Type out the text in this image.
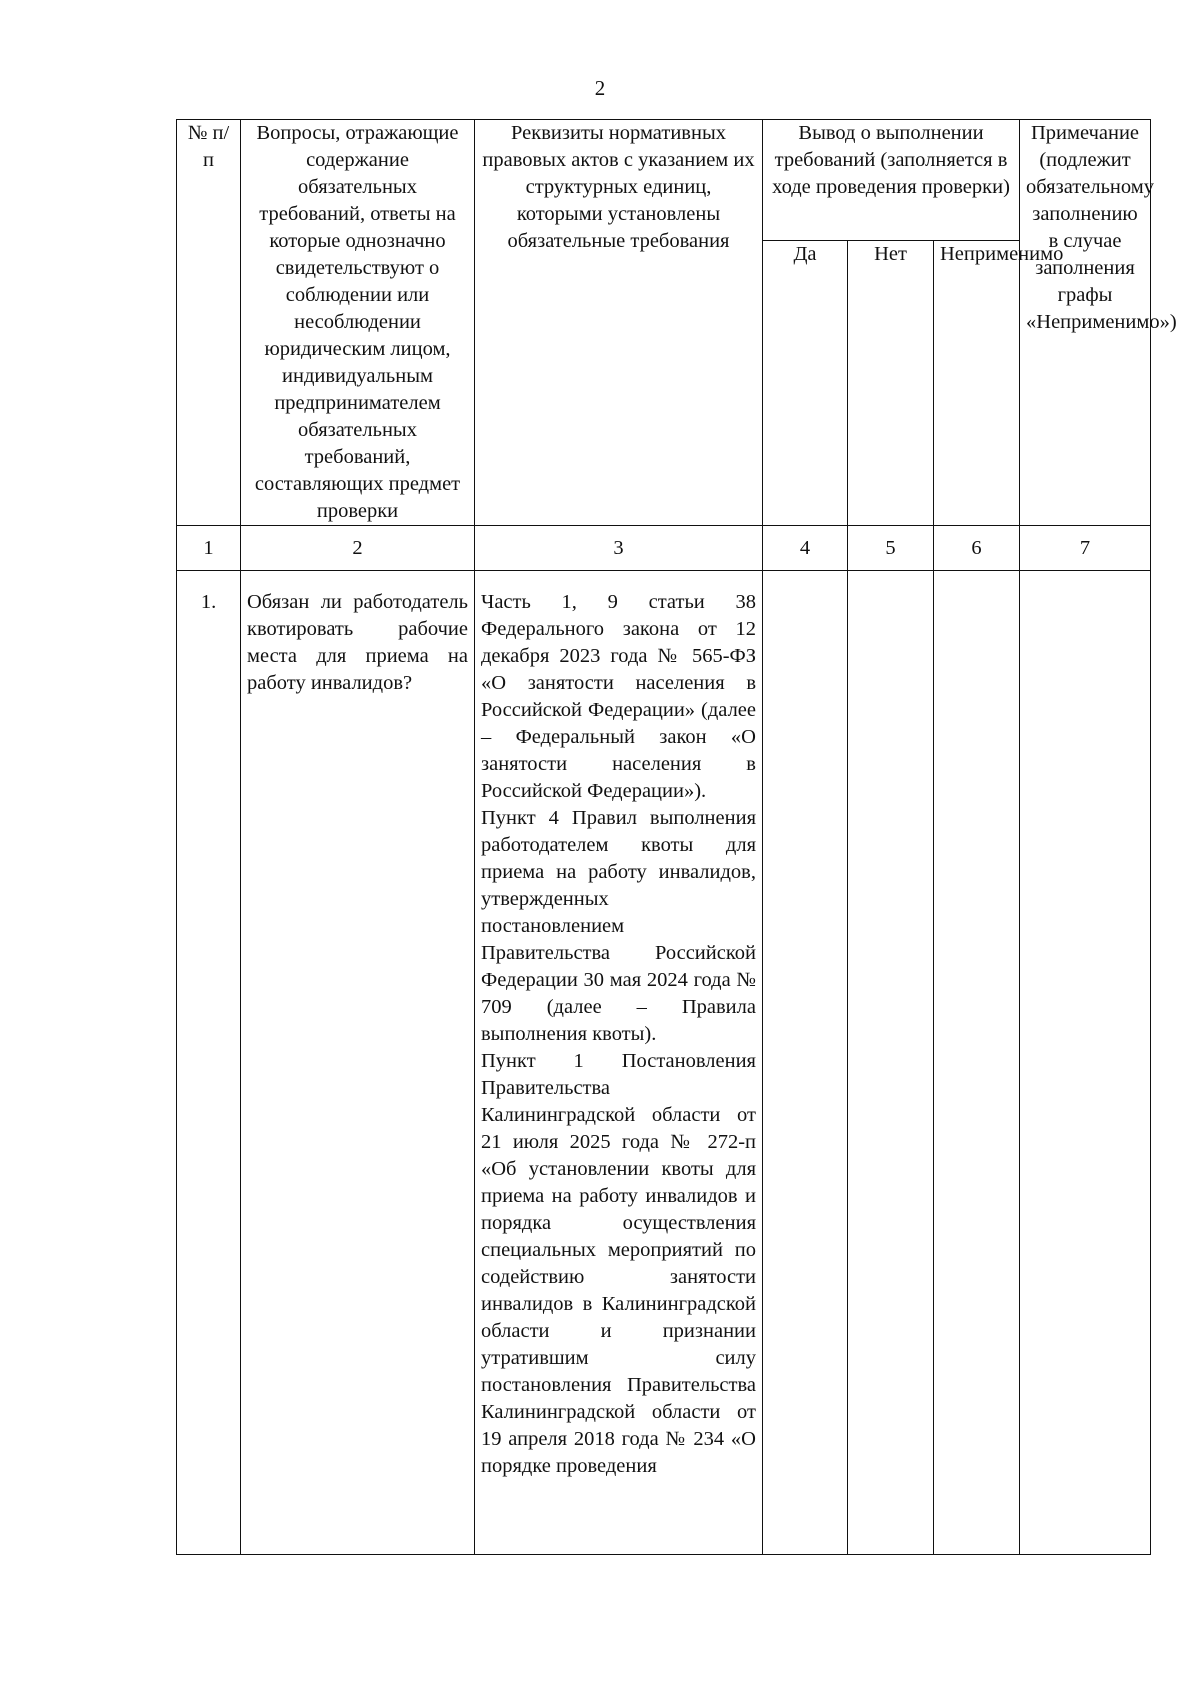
2
№ п/п	Вопросы, отражающие содержание обязательных требований, ответы на которые однозначно свидетельствуют о соблюдении или несоблюдении юридическим лицом, индивидуальным предпринимателем обязательных требований, составляющих предмет проверки	Реквизиты нормативных правовых актов с указанием их структурных единиц, которыми установлены обязательные требования	Вывод о выполнении требований (заполняется в ходе проведения проверки)			Примечание (подлежит обязательному заполнению в случае заполнения графы «Неприменимо»)
			Да	Нет	Неприменимо	
1	2	3	4	5	6	7
1.	Обязан ли работодатель квотировать рабочие места для приема на работу инвалидов?	Часть 1, 9 статьи 38 Федерального закона от 12 декабря 2023 года № 565-ФЗ «О занятости населения в Российской Федерации» (далее – Федеральный закон «О занятости населения в Российской Федерации»).
Пункт 4 Правил выполнения работодателем квоты для приема на работу инвалидов, утвержденных постановлением Правительства Российской Федерации 30 мая 2024 года № 709 (далее – Правила выполнения квоты).
Пункт 1 Постановления Правительства Калининградской области от 21 июля 2025 года № 272-п «Об установлении квоты для приема на работу инвалидов и порядка осуществления специальных мероприятий по содействию занятости инвалидов в Калининградской области и признании утратившим силу постановления Правительства Калининградской области от 19 апреля 2018 года № 234 «О порядке проведения				
